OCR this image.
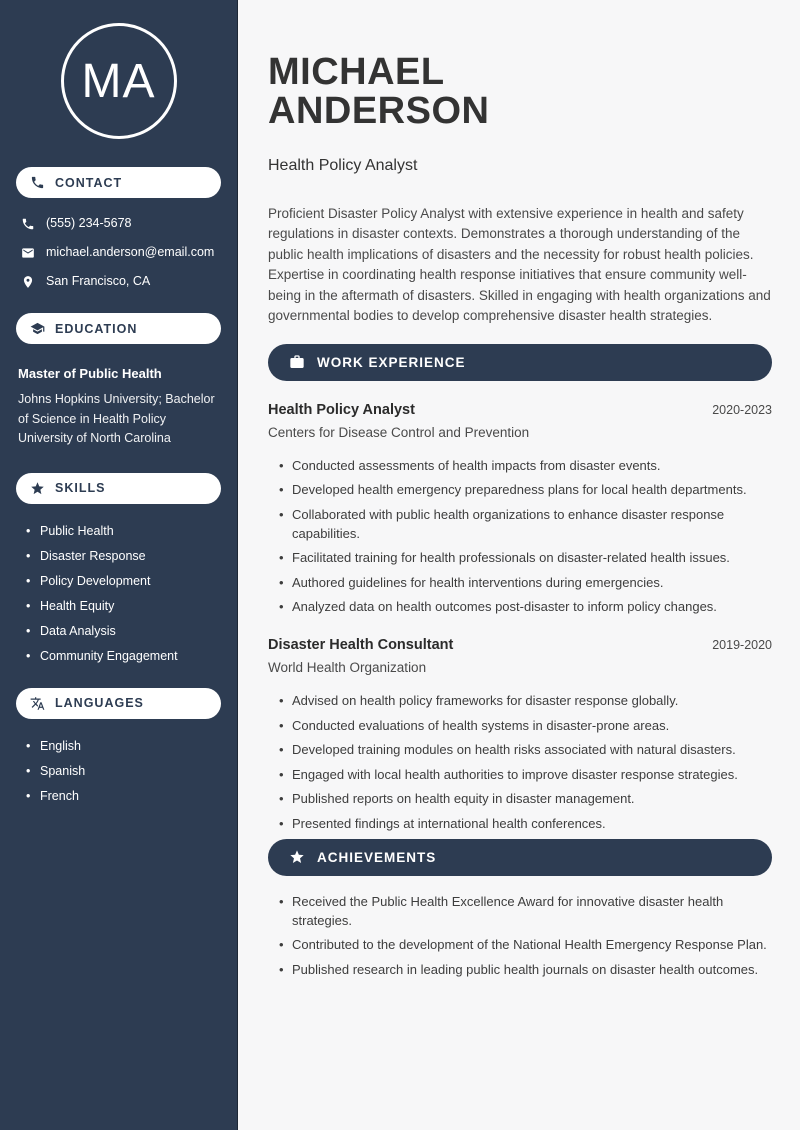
MA
CONTACT
(555) 234-5678
michael.anderson@email.com
San Francisco, CA
EDUCATION
Master of Public Health
Johns Hopkins University; Bachelor
of Science in Health Policy
University of North Carolina
SKILLS
• Public Health
• Disaster Response
• Policy Development
• Health Equity
• Data Analysis
• Community Engagement
LANGUAGES
• English
• Spanish
• French
MICHAEL
ANDERSON
Health Policy Analyst

Proficient Disaster Policy Analyst with extensive experience in health and safety regulations in disaster contexts. Demonstrates a thorough understanding of the public health implications of disasters and the necessity for robust health policies. Expertise in coordinating health response initiatives that ensure community well-being in the aftermath of disasters. Skilled in engaging with health organizations and governmental bodies to develop comprehensive disaster health strategies.

WORK EXPERIENCE
Health Policy Analyst	2020-2023
Centers for Disease Control and Prevention
• Conducted assessments of health impacts from disaster events.
• Developed health emergency preparedness plans for local health departments.
• Collaborated with public health organizations to enhance disaster response capabilities.
• Facilitated training for health professionals on disaster-related health issues.
• Authored guidelines for health interventions during emergencies.
• Analyzed data on health outcomes post-disaster to inform policy changes.
Disaster Health Consultant	2019-2020
World Health Organization
• Advised on health policy frameworks for disaster response globally.
• Conducted evaluations of health systems in disaster-prone areas.
• Developed training modules on health risks associated with natural disasters.
• Engaged with local health authorities to improve disaster response strategies.
• Published reports on health equity in disaster management.
• Presented findings at international health conferences.
ACHIEVEMENTS
• Received the Public Health Excellence Award for innovative disaster health strategies.
• Contributed to the development of the National Health Emergency Response Plan.
• Published research in leading public health journals on disaster health outcomes.
